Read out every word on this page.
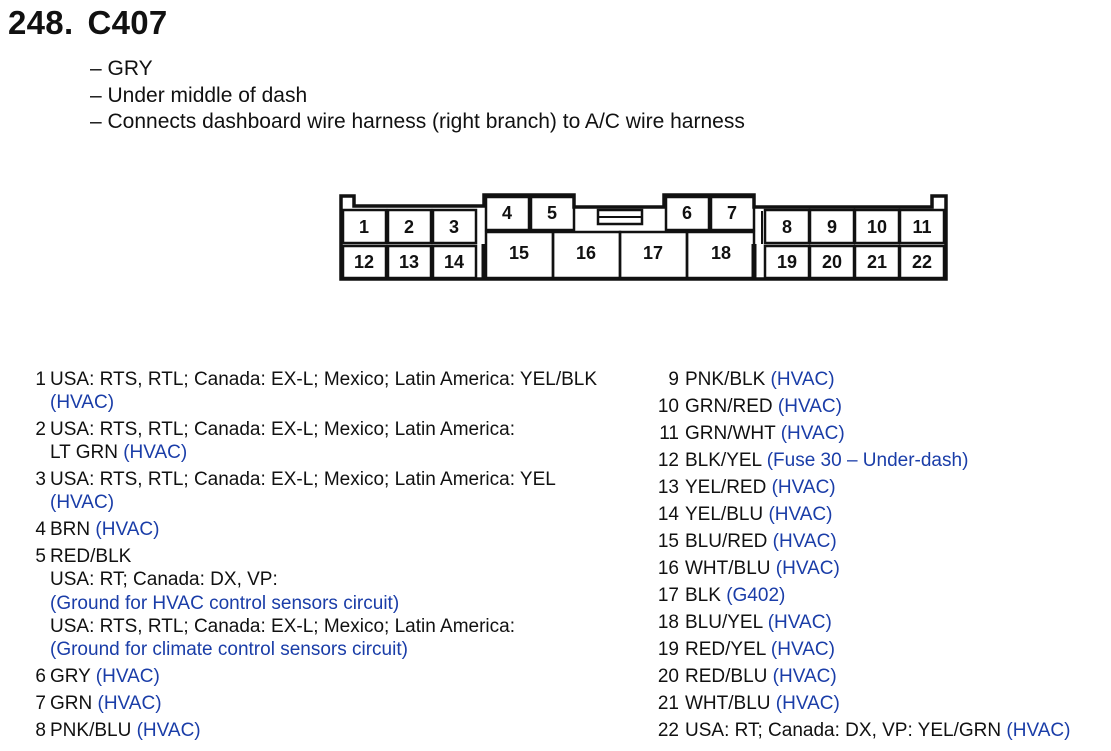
248. C407
– GRY
– Under middle of dash
– Connects dashboard wire harness (right branch) to A/C wire harness
1 2 3
12 13 14
4 5	6 7
15	16	17	18
8 9 10 11
19 20 21 22
1 USA: RTS, RTL; Canada: EX-L; Mexico; Latin America: YEL/BLK
(HVAC)
2 USA: RTS, RTL; Canada: EX-L; Mexico; Latin America:
LT GRN (HVAC)
3 USA: RTS, RTL; Canada: EX-L; Mexico; Latin America: YEL
(HVAC)
4 BRN (HVAC)
5 RED/BLK
USA: RT; Canada: DX, VP:
(Ground for HVAC control sensors circuit)
USA: RTS, RTL; Canada: EX-L; Mexico; Latin America:
(Ground for climate control sensors circuit)
6 GRY (HVAC)
7 GRN (HVAC)
8 PNK/BLU (HVAC)
9 PNK/BLK (HVAC)
10 GRN/RED (HVAC)
11 GRN/WHT (HVAC)
12 BLK/YEL (Fuse 30 – Under-dash)
13 YEL/RED (HVAC)
14 YEL/BLU (HVAC)
15 BLU/RED (HVAC)
16 WHT/BLU (HVAC)
17 BLK (G402)
18 BLU/YEL (HVAC)
19 RED/YEL (HVAC)
20 RED/BLU (HVAC)
21 WHT/BLU (HVAC)
22 USA: RT; Canada: DX, VP: YEL/GRN (HVAC)
